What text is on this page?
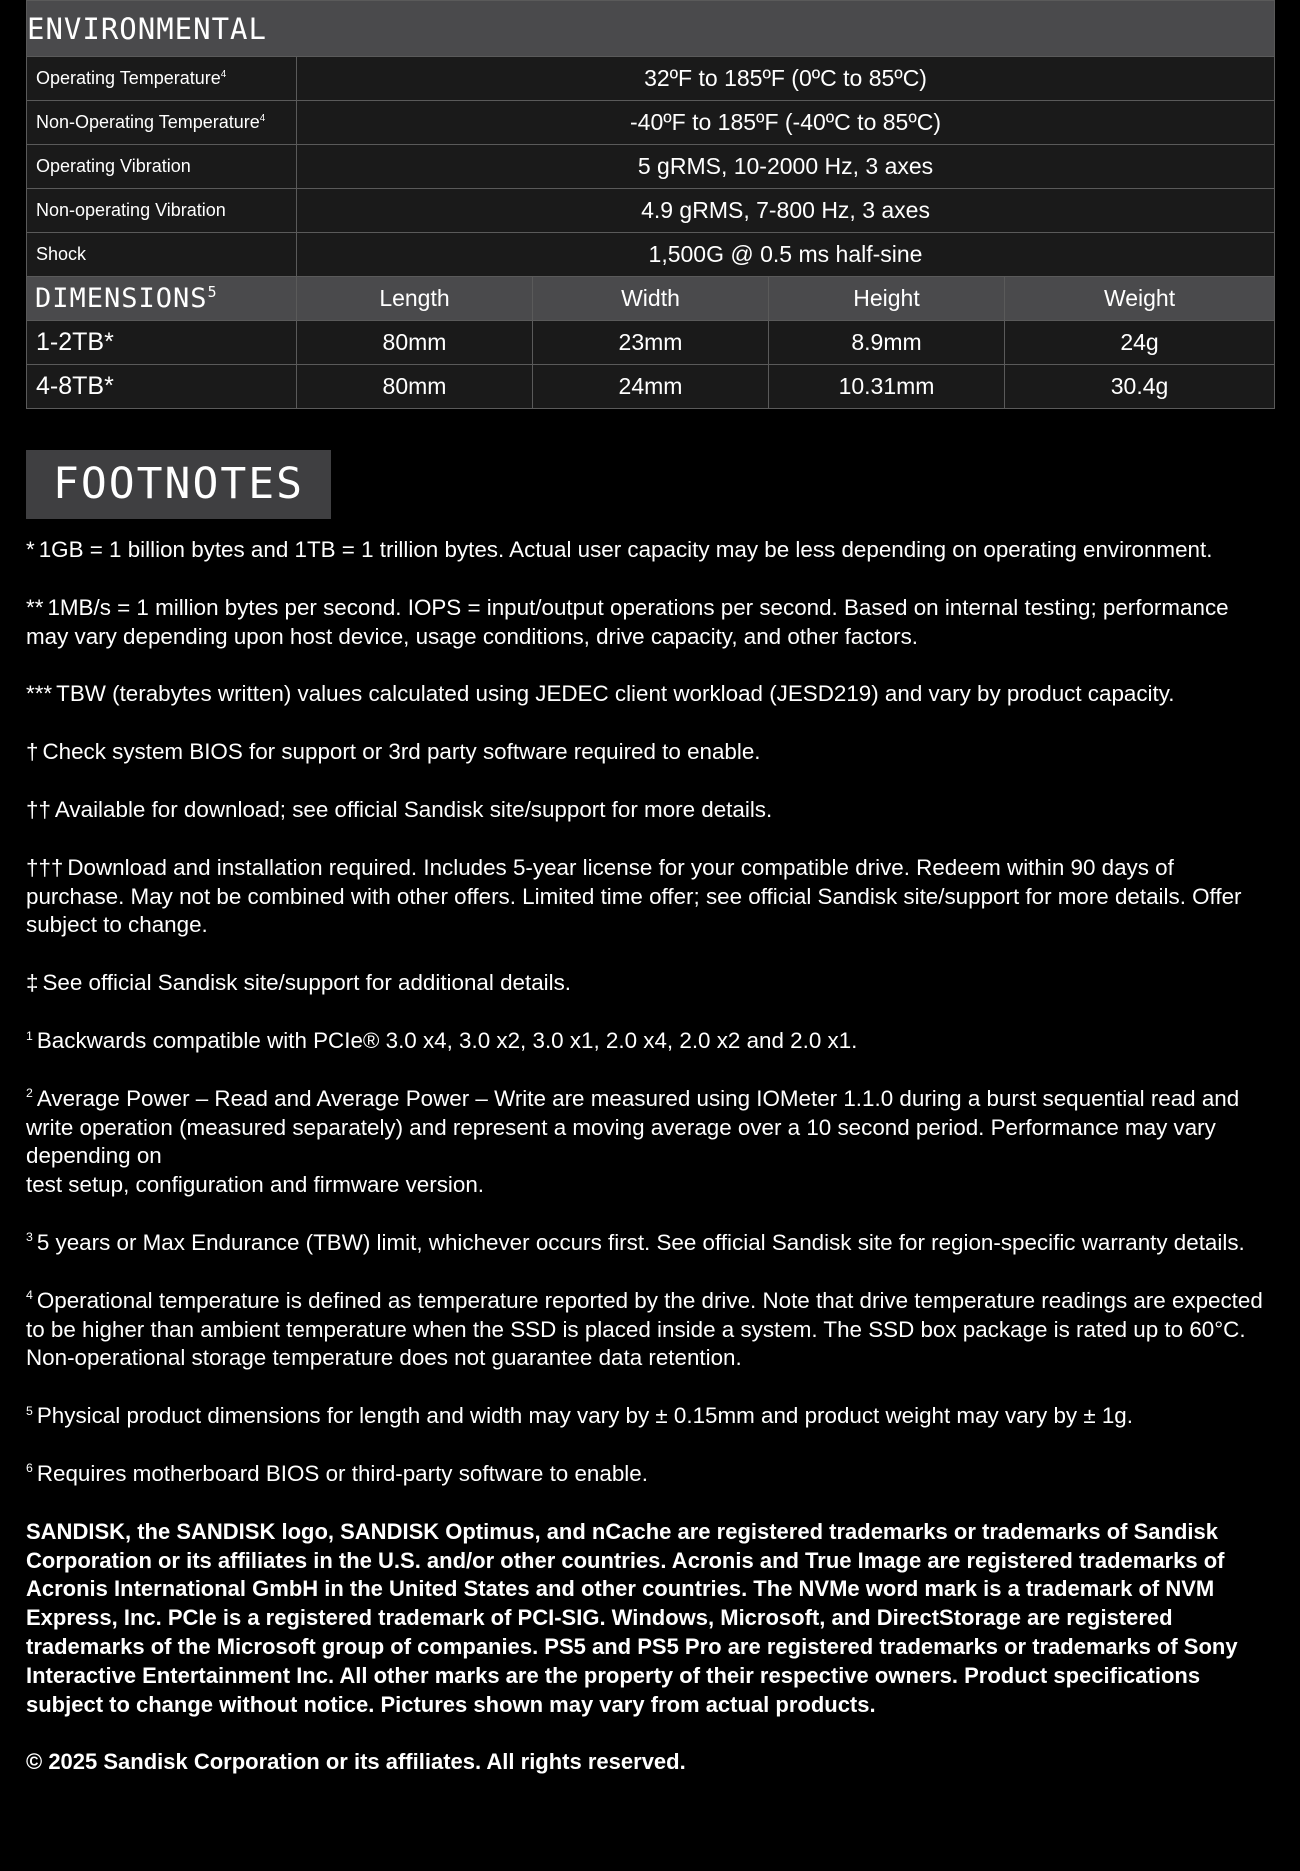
ENVIRONMENTAL				
Operating Temperature$^4$	32ºF to 185ºF (0ºC to 85ºC)			
Non-Operating Temperature$^4$	-40ºF to 185ºF (-40ºC to 85ºC)			
Operating Vibration	5 gRMS, 10-2000 Hz, 3 axes			
Non-operating Vibration	4.9 gRMS, 7-800 Hz, 3 axes			
Shock	1,500G @ 0.5 ms half-sine			
DIMENSIONS$^5$	Length	Width	Height	Weight
1-2TB*	80mm	23mm	8.9mm	24g
4-8TB*	80mm	24mm	10.31mm	30.4g
FOOTNOTES

* 1GB = 1 billion bytes and 1TB = 1 trillion bytes. Actual user capacity may be less depending on operating environment.

** 1MB/s = 1 million bytes per second. IOPS = input/output operations per second. Based on internal testing; performance may vary depending upon host device, usage conditions, drive capacity, and other factors.

*** TBW (terabytes written) values calculated using JEDEC client workload (JESD219) and vary by product capacity.

† Check system BIOS for support or 3rd party software required to enable.

†† Available for download; see official Sandisk site/support for more details.

††† Download and installation required. Includes 5-year license for your compatible drive. Redeem within 90 days of purchase. May not be combined with other offers. Limited time offer; see official Sandisk site/support for more details. Offer subject to change.

‡ See official Sandisk site/support for additional details.

$^1$ Backwards compatible with PCIe® 3.0 x4, 3.0 x2, 3.0 x1, 2.0 x4, 2.0 x2 and 2.0 x1.

$^2$ Average Power – Read and Average Power – Write are measured using IOMeter 1.1.0 during a burst sequential read and write operation (measured separately) and represent a moving average over a 10 second period. Performance may vary depending on
test setup, configuration and firmware version.

$^3$ 5 years or Max Endurance (TBW) limit, whichever occurs first. See official Sandisk site for region-specific warranty details.

$^4$ Operational temperature is defined as temperature reported by the drive. Note that drive temperature readings are expected to be higher than ambient temperature when the SSD is placed inside a system. The SSD box package is rated up to 60°C. Non-operational storage temperature does not guarantee data retention.

$^5$ Physical product dimensions for length and width may vary by ± 0.15mm and product weight may vary by ± 1g.

$^6$ Requires motherboard BIOS or third-party software to enable.

SANDISK, the SANDISK logo, SANDISK Optimus, and nCache are registered trademarks or trademarks of Sandisk Corporation or its affiliates in the U.S. and/or other countries. Acronis and True Image are registered trademarks of Acronis International GmbH in the United States and other countries. The NVMe word mark is a trademark of NVM Express, Inc. PCIe is a registered trademark of PCI-SIG. Windows, Microsoft, and DirectStorage are registered trademarks of the Microsoft group of companies. PS5 and PS5 Pro are registered trademarks or trademarks of Sony Interactive Entertainment Inc. All other marks are the property of their respective owners. Product specifications subject to change without notice. Pictures shown may vary from actual products.

© 2025 Sandisk Corporation or its affiliates. All rights reserved.
